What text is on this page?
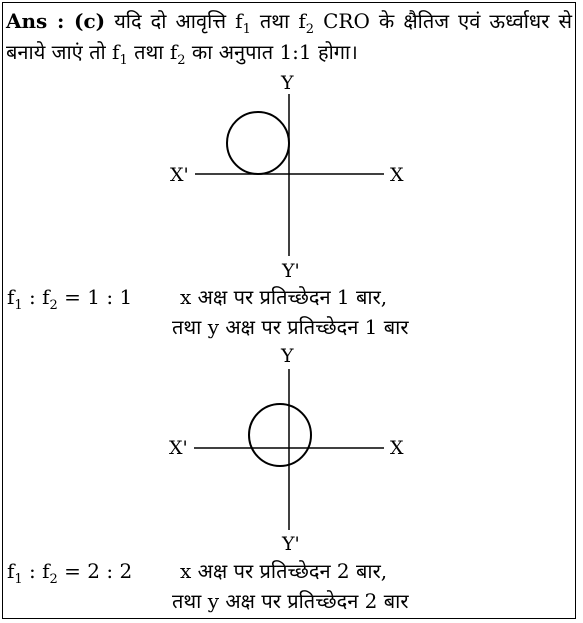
Ans : (c) यदि दो आवृत्ति $f_1$ तथा $f_2$ CRO के क्षैतिज एवं ऊर्ध्वाधर से बनाये जाएं तो $f_1$ तथा $f_2$ का अनुपात 1:1 होगा।
Y
Y'
X'	X
Y
Y'
X'	X
$f_1$ : $f_2 = 1$ : 1 x अक्ष पर प्रतिच्छेदन 1 बार,
तथा y अक्ष पर प्रतिच्छेदन 1 बार
$f_1$ : $f_2 = 2$ : 2 x अक्ष पर प्रतिच्छेदन 2 बार,
तथा y अक्ष पर प्रतिच्छेदन 2 बार
